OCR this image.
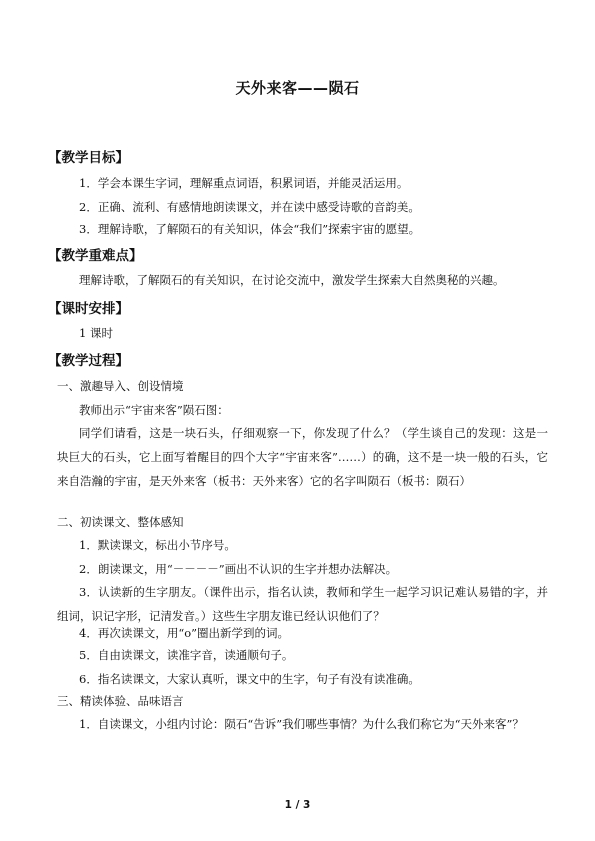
天外来客——陨石
【教学目标】
1．学会本课生字词，理解重点词语，积累词语，并能灵活运用。
2．正确、流利、有感情地朗读课文，并在读中感受诗歌的音韵美。
3．理解诗歌，了解陨石的有关知识，体会“我们”探索宇宙的愿望。
【教学重难点】
理解诗歌，了解陨石的有关知识，在讨论交流中，激发学生探索大自然奥秘的兴趣。
【课时安排】
1 课时
【教学过程】
一、激趣导入、创设情境
教师出示“宇宙来客”陨石图：
同学们请看，这是一块石头，仔细观察一下，你发现了什么？（学生谈自己的发现：这是一块巨大的石头，它上面写着醒目的四个大字“宇宙来客”……）的确，这不是一块一般的石头，它来自浩瀚的宇宙，是天外来客（板书：天外来客）它的名字叫陨石（板书：陨石）
二、初读课文、整体感知
1．默读课文，标出小节序号。
2．朗读课文，用“－－－－”画出不认识的生字并想办法解决。
3．认读新的生字朋友。（课件出示，指名认读，教师和学生一起学习识记难认易错的字，并组词，识记字形，记清发音。）这些生字朋友谁已经认识他们了？
4．再次读课文，用“o”圈出新学到的词。
5．自由读课文，读准字音，读通顺句子。
6．指名读课文，大家认真听，课文中的生字，句子有没有读准确。
三、精读体验、品味语言
1．自读课文，小组内讨论：陨石“告诉”我们哪些事情？为什么我们称它为“天外来客”？
1 / 3
